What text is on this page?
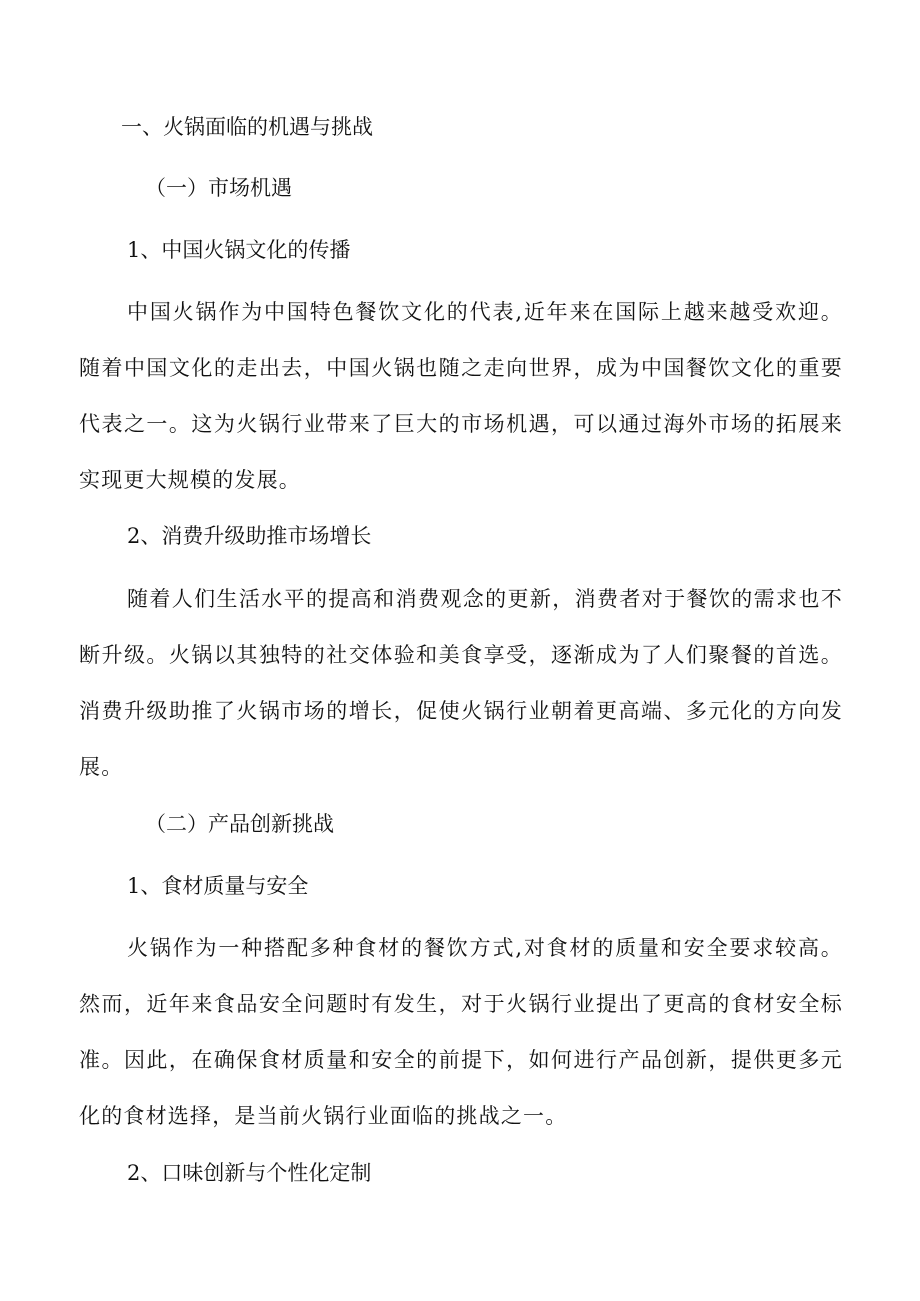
一、火锅面临的机遇与挑战
（一）市场机遇
1、中国火锅文化的传播
中国火锅作为中国特色餐饮文化的代表,近年来在国际上越来越受欢迎。随着中国文化的走出去，中国火锅也随之走向世界，成为中国餐饮文化的重要代表之一。这为火锅行业带来了巨大的市场机遇，可以通过海外市场的拓展来实现更大规模的发展。
2、消费升级助推市场增长
随着人们生活水平的提高和消费观念的更新，消费者对于餐饮的需求也不断升级。火锅以其独特的社交体验和美食享受，逐渐成为了人们聚餐的首选。消费升级助推了火锅市场的增长，促使火锅行业朝着更高端、多元化的方向发展。
（二）产品创新挑战
1、食材质量与安全
火锅作为一种搭配多种食材的餐饮方式,对食材的质量和安全要求较高。然而，近年来食品安全问题时有发生，对于火锅行业提出了更高的食材安全标准。因此，在确保食材质量和安全的前提下，如何进行产品创新，提供更多元化的食材选择，是当前火锅行业面临的挑战之一。
2、口味创新与个性化定制
